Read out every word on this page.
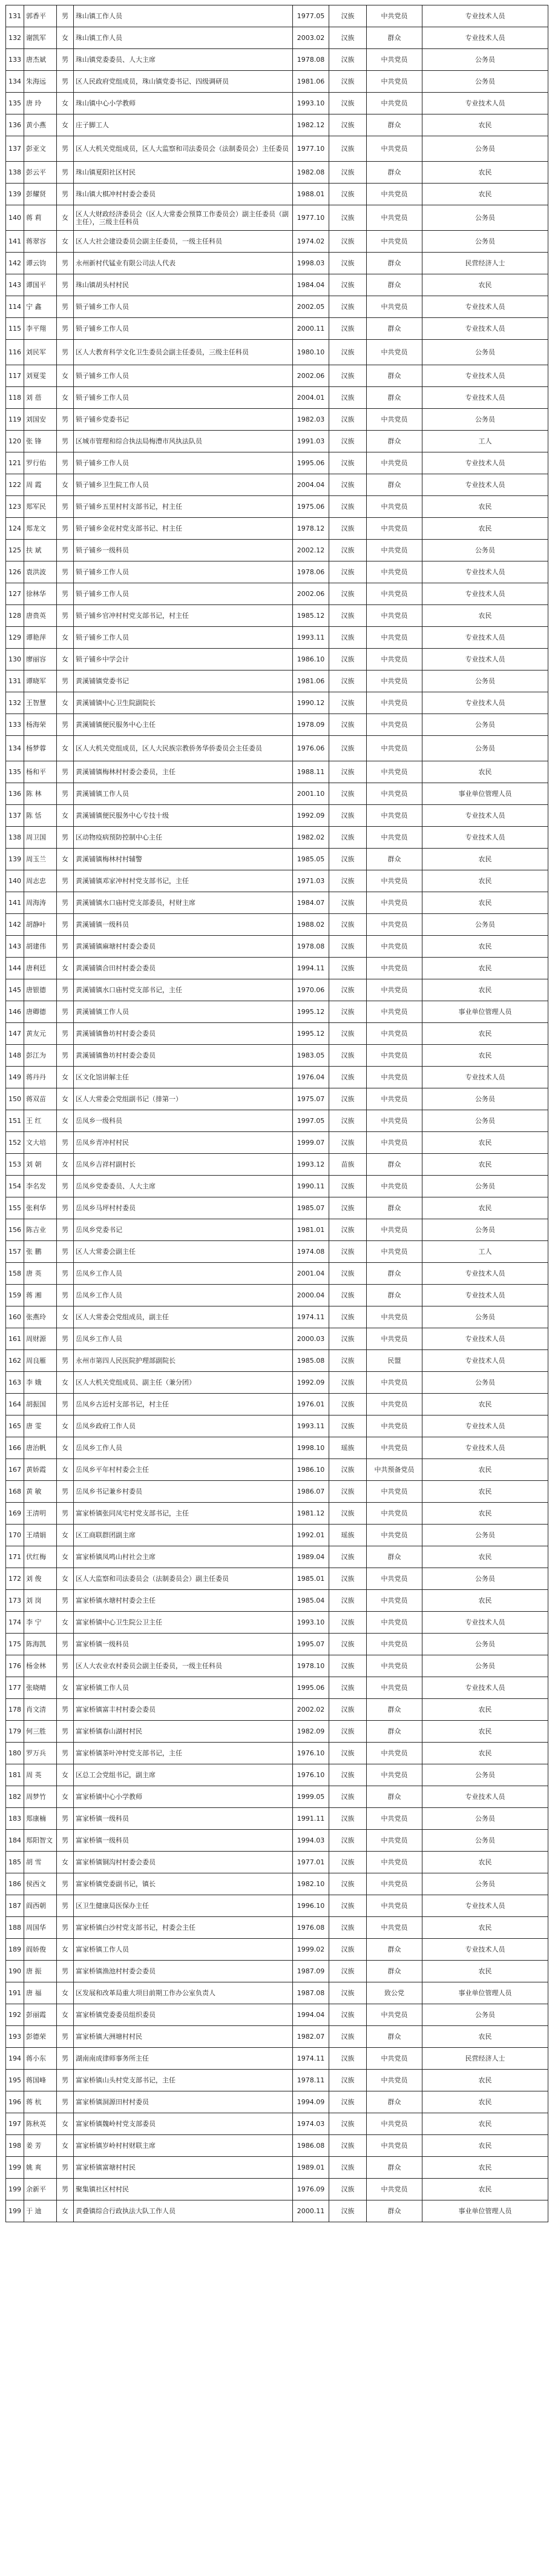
131	郭香平	男	珠山镇工作人员	1977.05	汉族	中共党员	专业技术人员
132	谢凯军	女	珠山镇工作人员	2003.02	汉族	群众	专业技术人员
133	唐杰斌	男	珠山镇党委委员、人大主席	1978.08	汉族	中共党员	公务员
134	朱海远	男	区人民政府党组成员，珠山镇党委书记、四级调研员	1981.06	汉族	中共党员	公务员
135	唐 玲	女	珠山镇中心小学教师	1993.10	汉族	中共党员	专业技术人员
136	黄小燕	女	庄子脚工人	1982.12	汉族	群众	农民
137	彭亚文	男	区人大机关党组成员，区人大监察和司法委员会（法制委员会）主任委员	1977.10	汉族	中共党员	公务员
138	彭云平	男	珠山镇夏阳社区村民	1982.08	汉族	群众	农民
139	彭耀贤	男	珠山镇大棋冲村村委会委员	1988.01	汉族	中共党员	农民
140	蒋 莉	女	区人大财政经济委员会（区人大常委会预算工作委员会）副主任委员（副主任），三级主任科员	1977.10	汉族	中共党员	公务员
141	蒋翠容	女	区人大社会建设委员会副主任委员，一级主任科员	1974.02	汉族	中共党员	公务员
142	谭云钧	男	永州新村代锰业有限公司法人代表	1998.03	汉族	群众	民营经济人士
143	谭国平	男	珠山镇胡头村村民	1984.04	汉族	群众	农民
114	宁 鑫	男	锁子铺乡工作人员	2002.05	汉族	中共党员	专业技术人员
115	李平翔	男	锁子铺乡工作人员	2000.11	汉族	群众	专业技术人员
116	刘民军	男	区人大教育科学文化卫生委员会副主任委员，三级主任科员	1980.10	汉族	中共党员	公务员
117	刘夏雯	女	锁子铺乡工作人员	2002.06	汉族	群众	专业技术人员
118	刘 蓓	女	锁子铺乡工作人员	2004.01	汉族	群众	专业技术人员
119	刘国安	男	锁子铺乡党委书记	1982.03	汉族	中共党员	公务员
120	张 锋	男	区城市管理和综合执法局梅澧市风执法队员	1991.03	汉族	群众	工人
121	罗行佑	男	锁子铺乡工作人员	1995.06	汉族	中共党员	专业技术人员
122	周 霞	女	锁子铺乡卫生院工作人员	2004.04	汉族	群众	专业技术人员
123	郑军民	男	锁子铺乡五里村村支部书记，村主任	1975.06	汉族	中共党员	农民
124	郑龙文	男	锁子铺乡金花村党支部书记、村主任	1978.12	汉族	中共党员	农民
125	扶 斌	男	锁子铺乡一级科员	2002.12	汉族	中共党员	公务员
126	袁洪波	男	锁子铺乡工作人员	1978.06	汉族	中共党员	专业技术人员
127	徐林华	男	锁子铺乡工作人员	2002.06	汉族	中共党员	专业技术人员
128	唐贵英	男	锁子铺乡官冲村村党支部书记，村主任	1985.12	汉族	中共党员	农民
129	谭艳萍	女	锁子铺乡工作人员	1993.11	汉族	中共党员	专业技术人员
130	廖丽容	女	锁子铺乡中学会计	1986.10	汉族	中共党员	专业技术人员
131	谭晓军	男	黄溪铺镇党委书记	1981.06	汉族	中共党员	公务员
132	王智慧	女	黄溪铺镇中心卫生院副院长	1990.12	汉族	中共党员	专业技术人员
133	杨海荣	男	黄溪铺镇便民服务中心主任	1978.09	汉族	中共党员	公务员
134	杨梦蓉	女	区人大机关党组成员，区人大民族宗教侨务华侨委员会主任委员	1976.06	汉族	中共党员	公务员
135	杨和平	男	黄溪铺镇梅林村村委会委员，主任	1988.11	汉族	中共党员	农民
136	陈 林	男	黄溪铺镇工作人员	2001.10	汉族	中共党员	事业单位管理人员
137	陈 恬	女	黄溪铺镇便民服务中心专技十级	1992.09	汉族	中共党员	专业技术人员
138	周卫国	男	区动物疫病预防控制中心主任	1982.02	汉族	中共党员	专业技术人员
139	周玉兰	女	黄溪铺镇梅林村村辅警	1985.05	汉族	群众	农民
140	周志忠	男	黄溪铺镇邓家冲村村党支部书记，主任	1971.03	汉族	中共党员	农民
141	周海涛	男	黄溪铺镇水口庙村党支部委员，村财主席	1984.07	汉族	中共党员	农民
142	胡静叶	男	黄溪铺镇一级科员	1988.02	汉族	中共党员	公务员
143	胡建伟	男	黄溪铺镇麻塘村村委会委员	1978.08	汉族	中共党员	农民
144	唐利廷	女	黄溪铺镇合田村村委会委员	1994.11	汉族	中共党员	农民
145	唐银德	男	黄溪铺镇水口庙村党支部书记，主任	1970.06	汉族	中共党员	农民
146	唐卿德	男	黄溪铺镇工作人员	1995.12	汉族	中共党员	事业单位管理人员
147	黄友元	男	黄溪铺镇鲁坊村村委会委员	1995.12	汉族	中共党员	农民
148	彭江为	男	黄溪铺镇鲁坊村村委会委员	1983.05	汉族	中共党员	农民
149	蒋丹丹	女	区文化馆讲解主任	1976.04	汉族	中共党员	专业技术人员
150	蒋双苗	女	区人大常委会党组副书记（排第一）	1975.07	汉族	中共党员	公务员
151	王 红	女	岳凤乡一级科员	1997.05	汉族	中共党员	公务员
152	文大培	男	岳凤乡青冲村村民	1999.07	汉族	中共党员	农民
153	刘 朝	女	岳凤乡吉祥村副村长	1993.12	苗族	群众	农民
154	李名发	男	岳凤乡党委委员、人大主席	1990.11	汉族	中共党员	公务员
155	张利华	男	岳凤乡马坪村村委员	1985.07	汉族	群众	农民
156	陈吉业	男	岳凤乡党委书记	1981.01	汉族	中共党员	公务员
157	张 鹏	男	区人大常委会副主任	1974.08	汉族	中共党员	工人
158	唐 英	男	岳凤乡工作人员	2001.04	汉族	群众	专业技术人员
159	蒋 湘	男	岳凤乡工作人员	2000.04	汉族	群众	专业技术人员
160	张燕玲	女	区人大常委会党组成员，副主任	1974.11	汉族	中共党员	公务员
161	周财源	男	岳凤乡工作人员	2000.03	汉族	中共党员	专业技术人员
162	周良雁	男	永州市第四人民医院护理部副院长	1985.08	汉族	民盟	专业技术人员
163	李 娥	女	区人大机关党组成员、副主任（兼分团）	1992.09	汉族	中共党员	公务员
164	胡振国	男	岳凤乡古近村支部书记，村主任	1976.01	汉族	中共党员	农民
165	唐 雯	女	岳凤乡政府工作人员	1993.11	汉族	中共党员	专业技术人员
166	唐治帆	女	岳凤乡工作人员	1998.10	瑶族	中共党员	专业技术人员
167	黄娇霞	女	岳凤乡平年村村委会主任	1986.10	汉族	中共预备党员	农民
168	黄 敏	男	岳凤乡书记兼乡村委员	1986.07	汉族	中共党员	农民
169	王清明	男	富家桥镇张同凤宅村党支部书记，主任	1981.12	汉族	中共党员	农民
170	王靖娟	女	区工商联群团副主席	1992.01	瑶族	中共党员	公务员
171	伏红梅	女	富家桥镇凤鸣山村社会主席	1989.04	汉族	群众	农民
172	刘 俊	女	区人大监察和司法委员会（法制委员会）副主任委员	1985.01	汉族	中共党员	公务员
173	刘 岗	男	富家桥镇水塘村村委会主任	1985.04	汉族	中共党员	农民
174	李 宁	女	富家桥镇中心卫生院公卫主任	1993.10	汉族	中共党员	专业技术人员
175	陈海凯	男	富家桥镇一级科员	1995.07	汉族	中共党员	公务员
176	杨金林	男	区人大农业农村委员会副主任委员，一级主任科员	1978.10	汉族	中共党员	公务员
177	张晓晴	女	富家桥镇工作人员	1995.06	汉族	中共党员	专业技术人员
178	肖文清	男	富家桥镇富丰村村委会委员	2002.02	汉族	群众	农民
179	何三胜	男	富家桥镇春山湖村村民	1982.09	汉族	群众	农民
180	罗万兵	男	富家桥镇茶叶冲村党支部书记，主任	1976.10	汉族	中共党员	农民
181	周 英	女	区总工会党组书记，副主席	1976.10	汉族	中共党员	公务员
182	周梦竹	女	富家桥镇中心小学教师	1999.05	汉族	群众	专业技术人员
183	郑康楠	男	富家桥镇一级科员	1991.11	汉族	中共党员	公务员
184	郑阳智文	男	富家桥镇一级科员	1994.03	汉族	中共党员	公务员
185	胡 雪	女	富家桥镇铜沟村村委会委员	1977.01	汉族	中共党员	农民
186	侯西文	男	富家桥镇党委副书记，镇长	1982.10	汉族	中共党员	公务员
187	阎西朝	男	区卫生健康局医保办主任	1996.10	汉族	中共党员	专业技术人员
188	周国华	男	富家桥镇白沙村党支部书记，村委会主任	1976.08	汉族	中共党员	农民
189	阎娇俊	女	富家桥镇工作人员	1999.02	汉族	群众	专业技术人员
190	唐 振	男	富家桥镇渔池村村委会委员	1987.09	汉族	群众	农民
191	唐 福	女	区发展和改革局重大项目前期工作办公室负责人	1987.08	汉族	致公党	事业单位管理人员
192	彭丽霞	女	富家桥镇党委委员组织委员	1994.04	汉族	中共党员	公务员
193	彭德荣	男	富家桥镇大洲塘村村民	1982.07	汉族	群众	农民
194	蒋小东	男	湖南南成律师事务所主任	1974.11	汉族	中共党员	民营经济人士
195	蒋国峰	男	富家桥镇山头村党支部书记，主任	1978.11	汉族	中共党员	农民
196	蒋 杭	男	富家桥镇洞源田村村委员	1994.09	汉族	群众	农民
197	陈秋英	女	富家桥镇魏岭村党支部委员	1974.03	汉族	中共党员	农民
198	姜 芳	女	富家桥镇岁岭村村财联主席	1986.08	汉族	中共党员	农民
199	姚 爽	男	富家桥镇富塘村村民	1989.01	汉族	群众	农民
199	余新平	男	聚集镇社区村村民	1976.09	汉族	中共党员	农民
199	于 迪	女	黄叠镇综合行政执法大队工作人员	2000.11	汉族	群众	事业单位管理人员
